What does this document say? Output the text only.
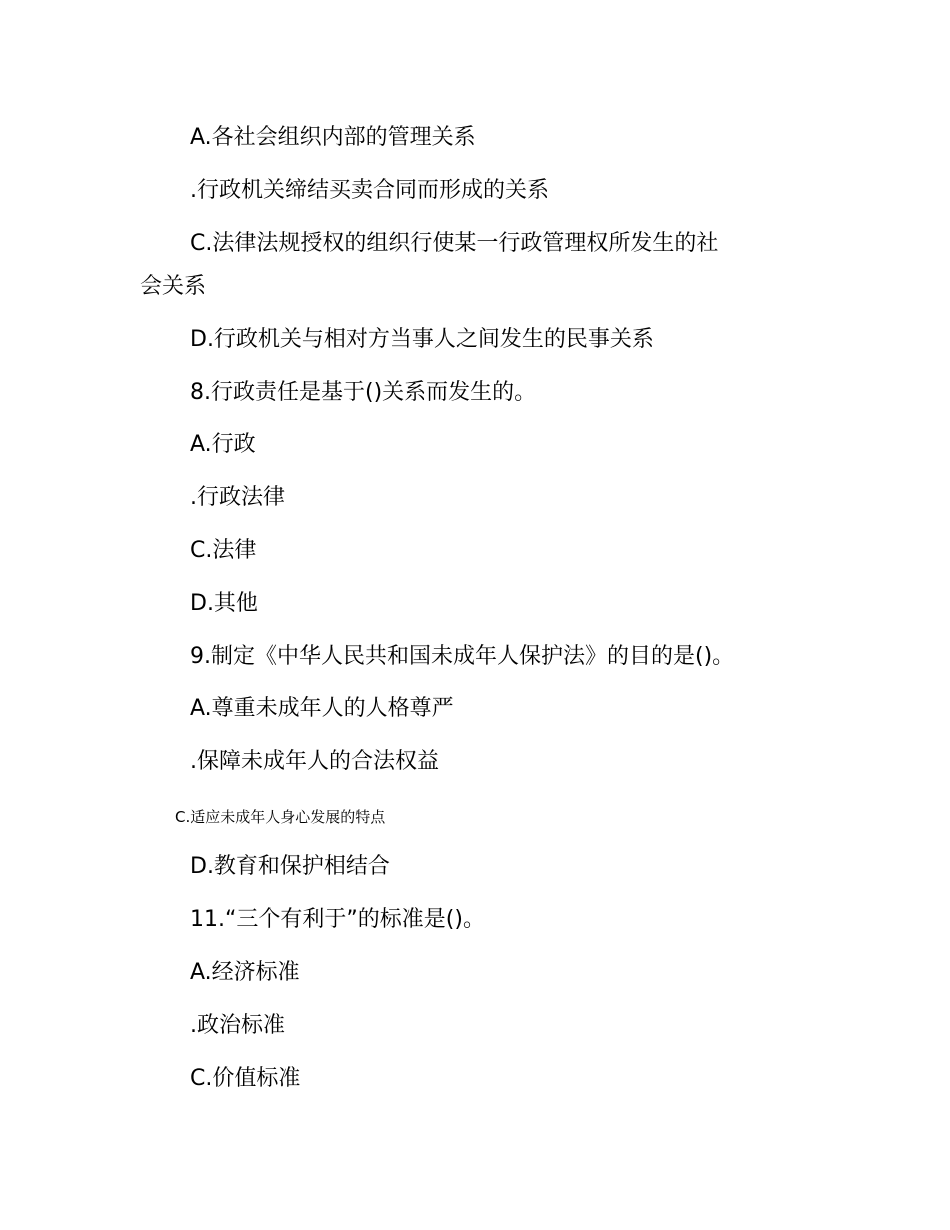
A.各社会组织内部的管理关系
.行政机关缔结买卖合同而形成的关系
C.法律法规授权的组织行使某一行政管理权所发生的社
会关系
D.行政机关与相对方当事人之间发生的民事关系
8.行政责任是基于()关系而发生的。
A.行政
.行政法律
C.法律
D.其他
9.制定《中华人民共和国未成年人保护法》的目的是()。
A.尊重未成年人的人格尊严
.保障未成年人的合法权益
C.适应未成年人身心发展的特点
D.教育和保护相结合
11.“三个有利于”的标准是()。
A.经济标准
.政治标准
C.价值标准
